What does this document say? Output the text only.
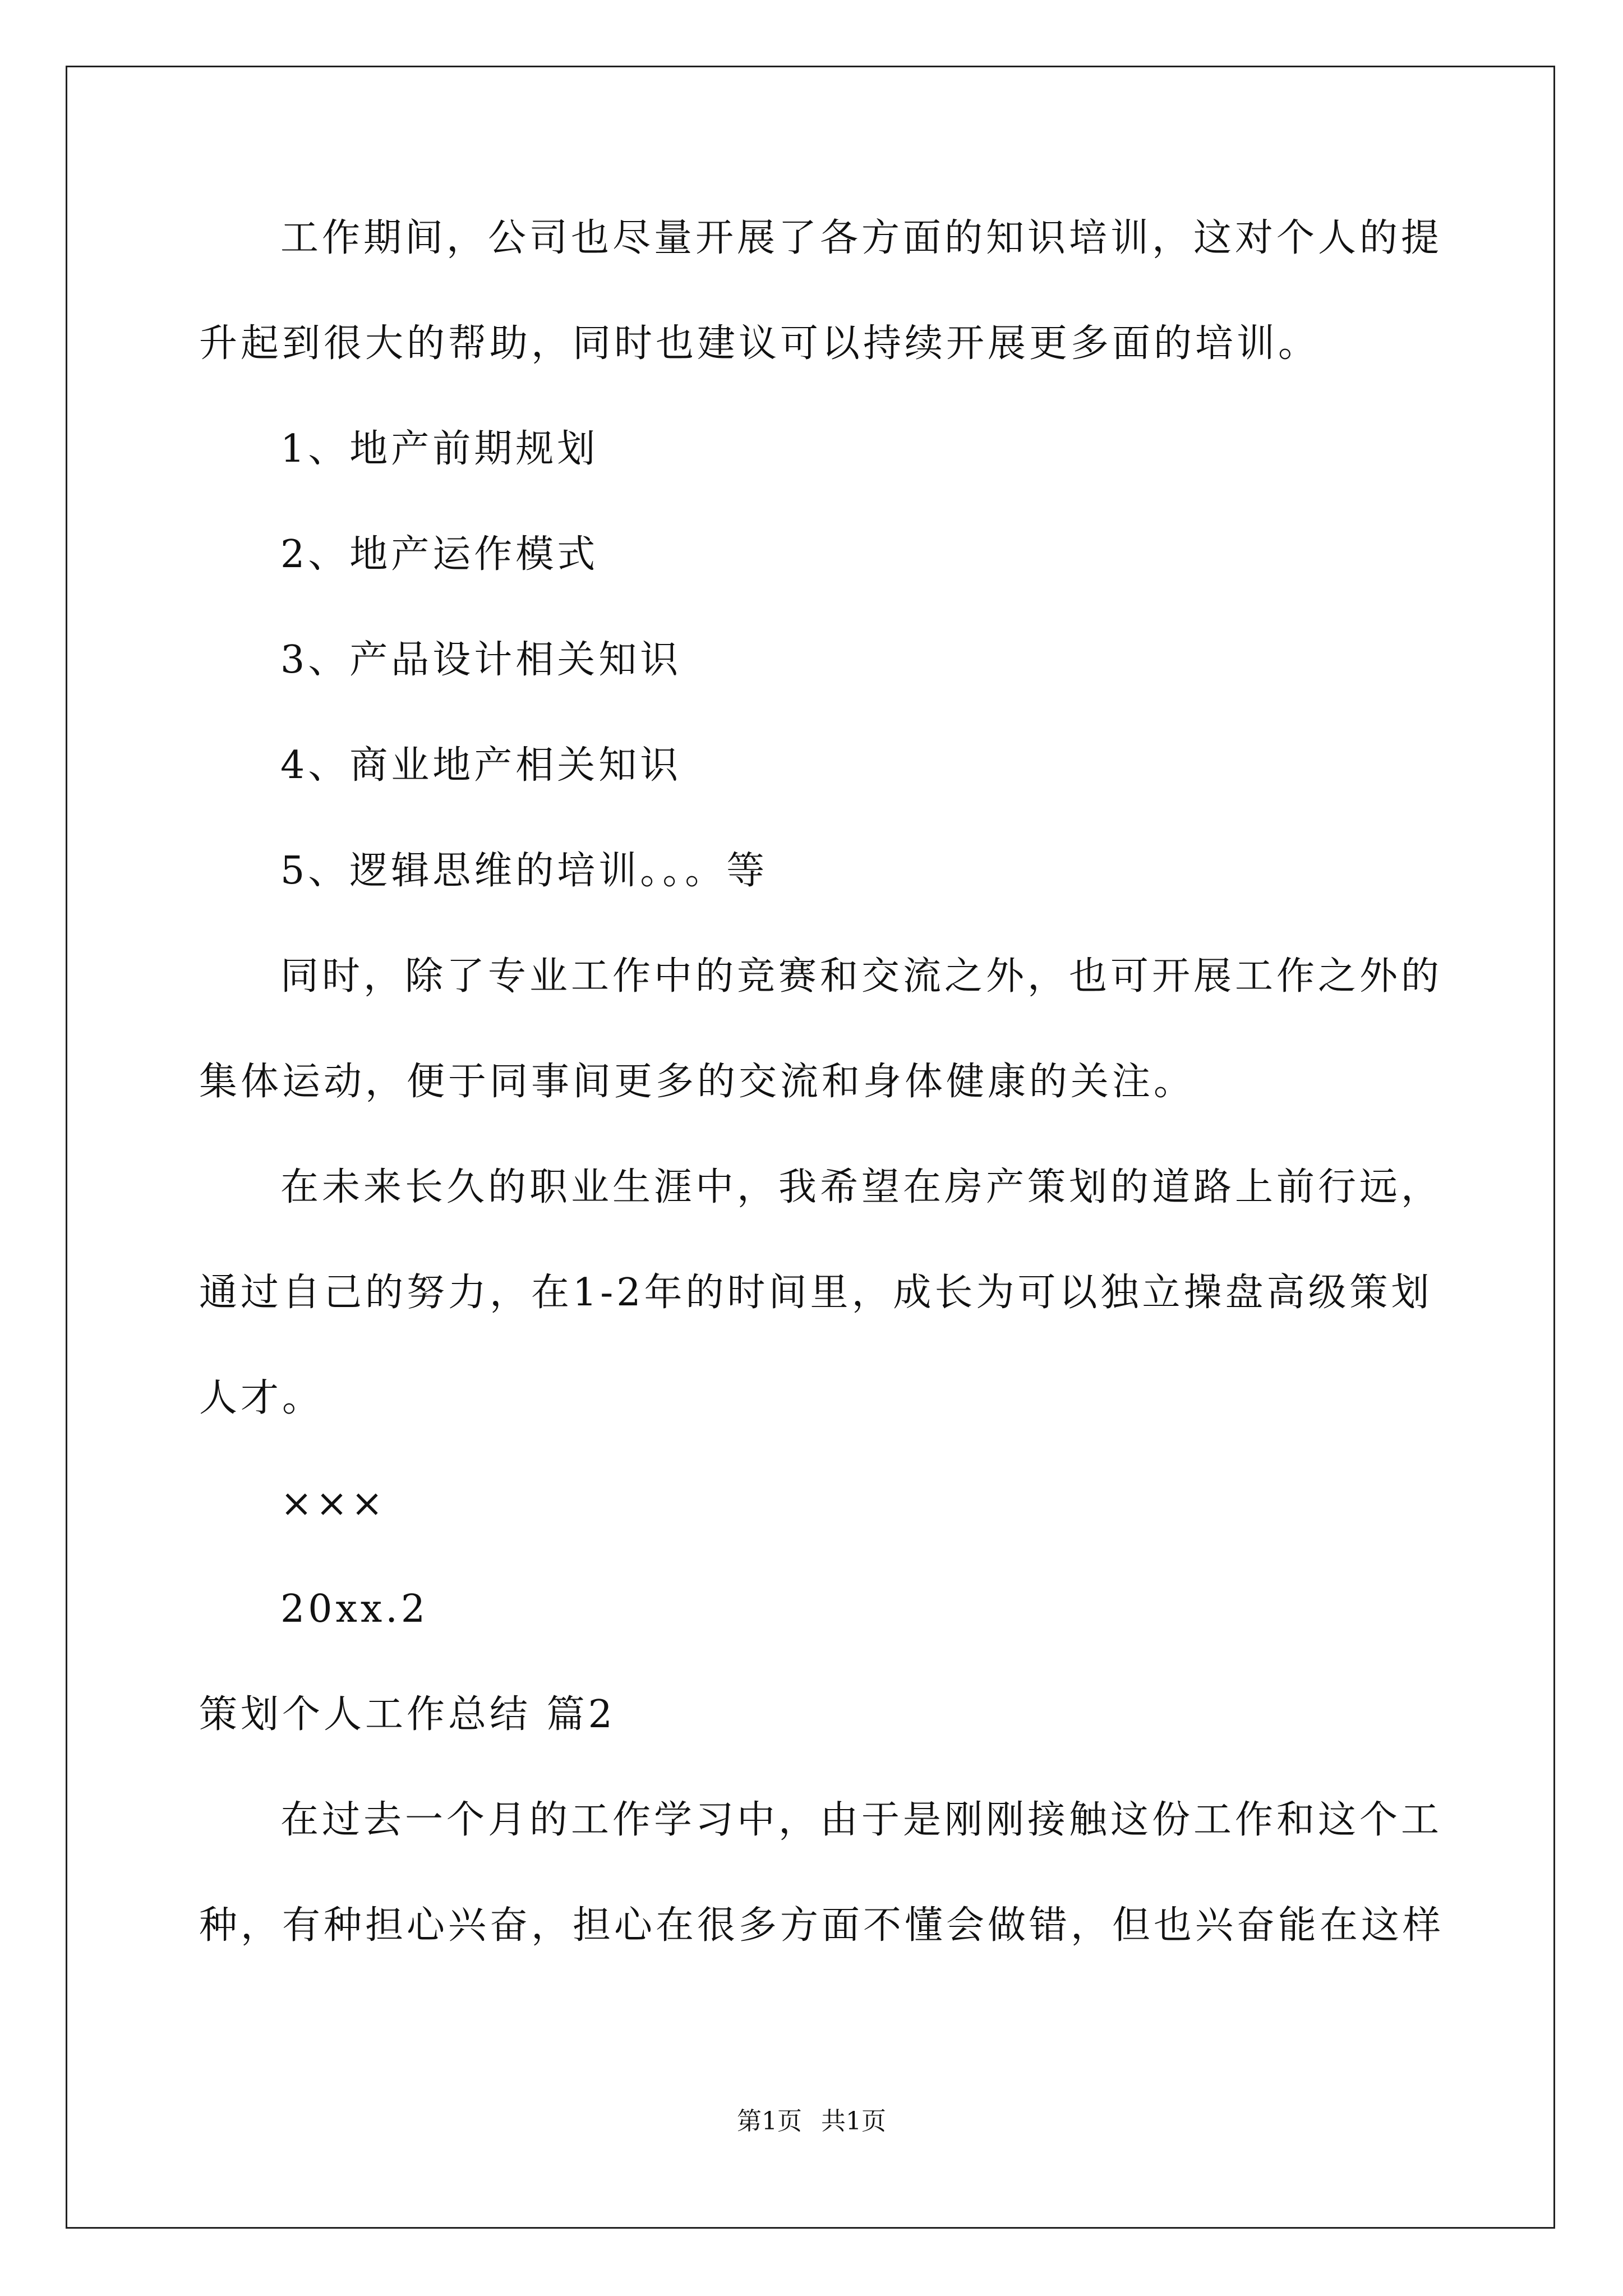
工作期间，公司也尽量开展了各方面的知识培训，这对个人的提
升起到很大的帮助，同时也建议可以持续开展更多面的培训。
1、地产前期规划
2、地产运作模式
3、产品设计相关知识
4、商业地产相关知识
5、逻辑思维的培训。。。等
同时，除了专业工作中的竞赛和交流之外，也可开展工作之外的
集体运动，便于同事间更多的交流和身体健康的关注。
在未来长久的职业生涯中，我希望在房产策划的道路上前行远，
通过自己的努力，在1-2年的时间里，成长为可以独立操盘高级策划
人才。
×××
20xx.2
策划个人工作总结 篇2
在过去一个月的工作学习中，由于是刚刚接触这份工作和这个工
种，有种担心兴奋，担心在很多方面不懂会做错，但也兴奋能在这样
第1页 共1页
